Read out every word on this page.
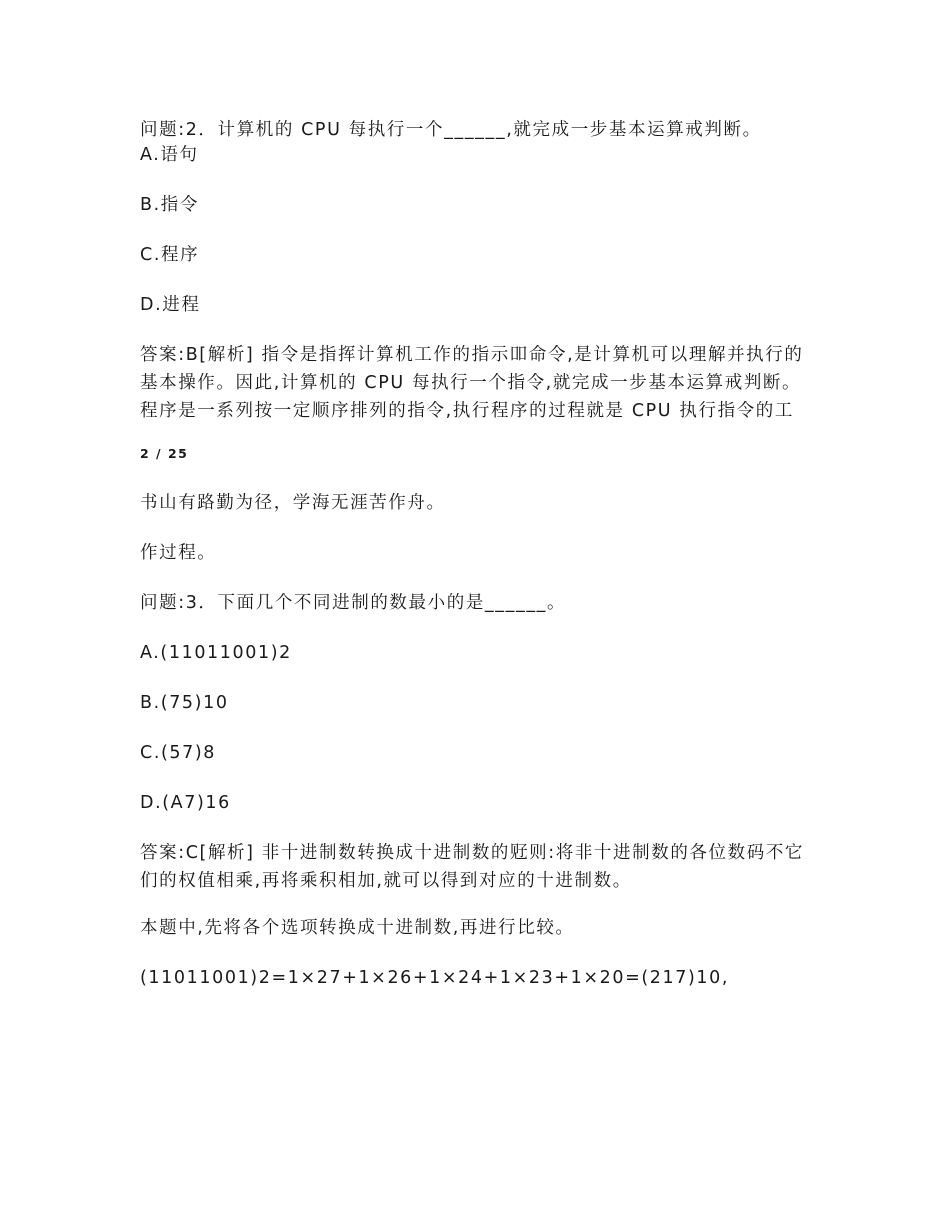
问题:2．计算机的 CPU 每执行一个______,就完成一步基本运算戒判断。
A.语句
B.指令
C.程序
D.进程
答案:B[解析] 指令是指挥计算机工作的指示吅命令,是计算机可以理解并执行的基本操作。因此,计算机的 CPU 每执行一个指令,就完成一步基本运算戒判断。程序是一系列按一定顺序排列的指令,执行程序的过程就是 CPU 执行指令的工
2 / 25
书山有路勤为径，学海无涯苦作舟。
作过程。
问题:3．下面几个不同进制的数最小的是______。
A.(11011001)2
B.(75)10
C.(57)8
D.(A7)16
答案:C[解析] 非十进制数转换成十进制数的觃则:将非十进制数的各位数码不它们的权值相乘,再将乘积相加,就可以得到对应的十进制数。
本题中,先将各个选项转换成十进制数,再进行比较。
(11011001)2=1×27+1×26+1×24+1×23+1×20=(217)10,
